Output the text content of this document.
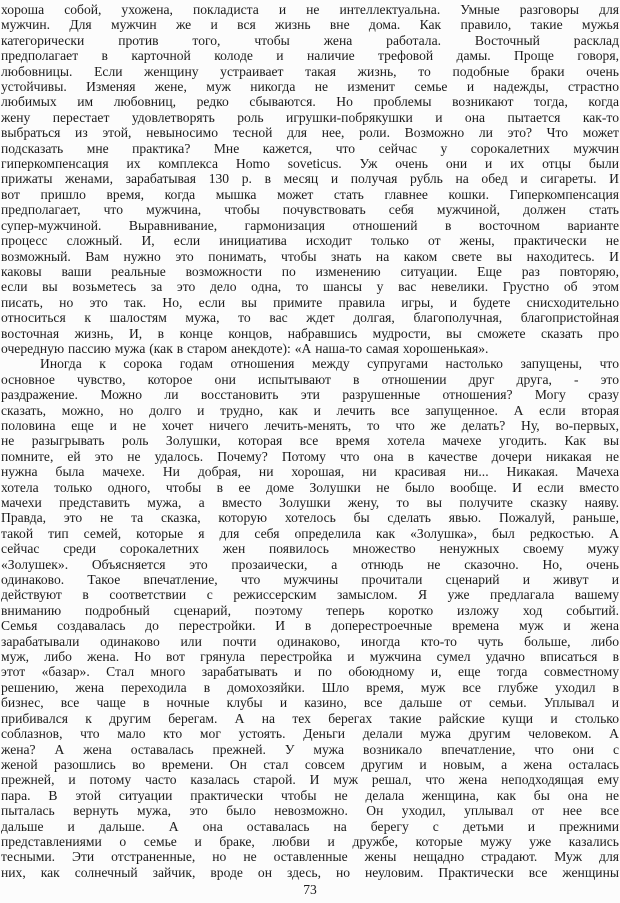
хороша собой, ухожена, покладиста и не интеллектуальна. Умные разговоры для
мужчин. Для мужчин же и вся жизнь вне дома. Как правило, такие мужья
категорически против того, чтобы жена работала. Восточный расклад
предполагает в карточной колоде и наличие трефовой дамы. Проще говоря,
любовницы. Если женщину устраивает такая жизнь, то подобные браки очень
устойчивы. Изменяя жене, муж никогда не изменит семье и надежды, страстно
любимых им любовниц, редко сбываются. Но проблемы возникают тогда, когда
жену перестает удовлетворять роль игрушки-побрякушки и она пытается как-то
выбраться из этой, невыносимо тесной для нее, роли. Возможно ли это? Что может
подсказать мне практика? Мне кажется, что сейчас у сорокалетних мужчин
гиперкомпенсация их комплекса Homo soveticus. Уж очень они и их отцы были
прижаты женами, зарабатывая 130 р. в месяц и получая рубль на обед и сигареты. И
вот пришло время, когда мышка может стать главнее кошки. Гиперкомпенсация
предполагает, что мужчина, чтобы почувствовать себя мужчиной, должен стать
супер-мужчиной. Выравнивание, гармонизация отношений в восточном варианте
процесс сложный. И, если инициатива исходит только от жены, практически не
возможный. Вам нужно это понимать, чтобы знать на каком свете вы находитесь. И
каковы ваши реальные возможности по изменению ситуации. Еще раз повторяю,
если вы возьметесь за это дело одна, то шансы у вас невелики. Грустно об этом
писать, но это так. Но, если вы примите правила игры, и будете снисходительно
относиться к шалостям мужа, то вас ждет долгая, благополучная, благопристойная
восточная жизнь, И, в конце концов, набравшись мудрости, вы сможете сказать про
очередную пассию мужа (как в старом анекдоте): «А наша-то самая хорошенькая».
Иногда к сорока годам отношения между супругами настолько запущены, что
основное чувство, которое они испытывают в отношении друг друга, - это
раздражение. Можно ли восстановить эти разрушенные отношения? Могу сразу
сказать, можно, но долго и трудно, как и лечить все запущенное. А если вторая
половина еще и не хочет ничего лечить-менять, то что же делать? Ну, во-первых,
не разыгрывать роль Золушки, которая все время хотела мачехе угодить. Как вы
помните, ей это не удалось. Почему? Потому что она в качестве дочери никакая не
нужна была мачехе. Ни добрая, ни хорошая, ни красивая ни... Никакая. Мачеха
хотела только одного, чтобы в ее доме Золушки не было вообще. И если вместо
мачехи представить мужа, а вместо Золушки жену, то вы получите сказку наяву.
Правда, это не та сказка, которую хотелось бы сделать явью. Пожалуй, раньше,
такой тип семей, которые я для себя определила как «Золушка», был редкостью. А
сейчас среди сорокалетних жен появилось множество ненужных своему мужу
«Золушек». Объясняется это прозаически, а отнюдь не сказочно. Но, очень
одинаково. Такое впечатление, что мужчины прочитали сценарий и живут и
действуют в соответствии с режиссерским замыслом. Я уже предлагала вашему
вниманию подробный сценарий, поэтому теперь коротко изложу ход событий.
Семья создавалась до перестройки. И в доперестроечные времена муж и жена
зарабатывали одинаково или почти одинаково, иногда кто-то чуть больше, либо
муж, либо жена. Но вот грянула перестройка и мужчина сумел удачно вписаться в
этот «базар». Стал много зарабатывать и по обоюдному и, еще тогда совместному
решению, жена переходила в домохозяйки. Шло время, муж все глубже уходил в
бизнес, все чаще в ночные клубы и казино, все дальше от семьи. Уплывал и
прибивался к другим берегам. А на тех берегах такие райские кущи и столько
соблазнов, что мало кто мог устоять. Деньги делали мужа другим человеком. А
жена? А жена оставалась прежней. У мужа возникало впечатление, что они с
женой разошлись во времени. Он стал совсем другим и новым, а жена осталась
прежней, и потому часто казалась старой. И муж решал, что жена неподходящая ему
пара. В этой ситуации практически чтобы не делала женщина, как бы она не
пыталась вернуть мужа, это было невозможно. Он уходил, уплывал от нее все
дальше и дальше. А она оставалась на берегу с детьми и прежними
представлениями о семье и браке, любви и дружбе, которые мужу уже казались
тесными. Эти отстраненные, но не оставленные жены нещадно страдают. Муж для
них, как солнечный зайчик, вроде он здесь, но неуловим. Практически все женщины
73
